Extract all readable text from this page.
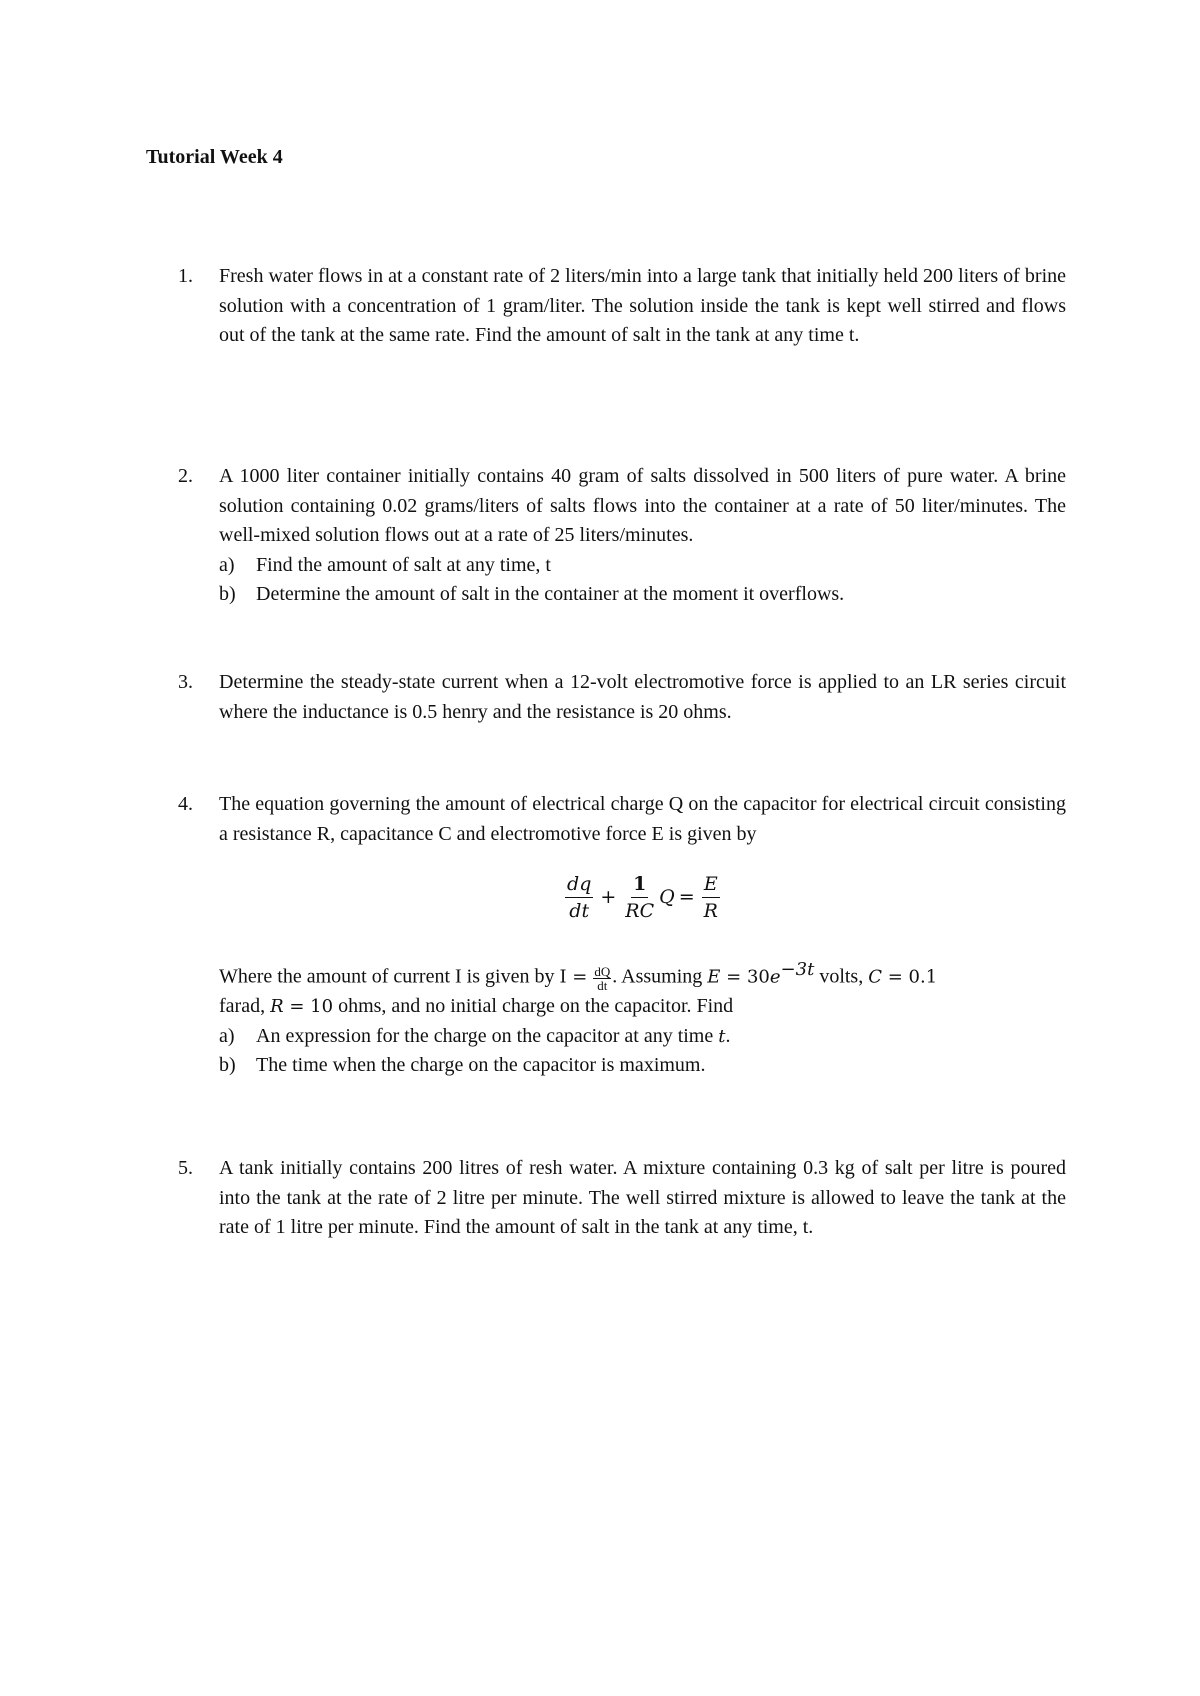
Tutorial Week 4
1.	Fresh water flows in at a constant rate of 2 liters/min into a large tank that initially held 200 liters of brine solution with a concentration of 1 gram/liter. The solution inside the tank is kept well stirred and flows out of the tank at the same rate. Find the amount of salt in the tank at any time t.
2.	A 1000 liter container initially contains 40 gram of salts dissolved in 500 liters of pure water. A brine solution containing 0.02 grams/liters of salts flows into the container at a rate of 50 liter/minutes. The well-mixed solution flows out at a rate of 25 liters/minutes.
a) Find the amount of salt at any time, t
b) Determine the amount of salt in the container at the moment it overflows.
3.	Determine the steady-state current when a 12-volt electromotive force is applied to an LR series circuit where the inductance is 0.5 henry and the resistance is 20 ohms.
4.	The equation governing the amount of electrical charge Q on the capacitor for electrical circuit consisting a resistance R, capacitance C and electromotive force E is given by
$\frac{dq}{dt} + \frac{1}{RC}$ $Q = \frac{E}{R}$
Where the amount of current I is given by $I = \frac{dQ}{dt}$ . Assuming $E = 30e^{-3t}$ volts, C = 0.1
farad, R = 10 ohms, and no initial charge on the capacitor. Find
a) An expression for the charge on the capacitor at any time t.
b) The time when the charge on the capacitor is maximum.
5.	A tank initially contains 200 litres of resh water. A mixture containing 0.3 kg of salt per litre is poured into the tank at the rate of 2 litre per minute. The well stirred mixture is allowed to leave the tank at the rate of 1 litre per minute. Find the amount of salt in the tank at any time, t.
